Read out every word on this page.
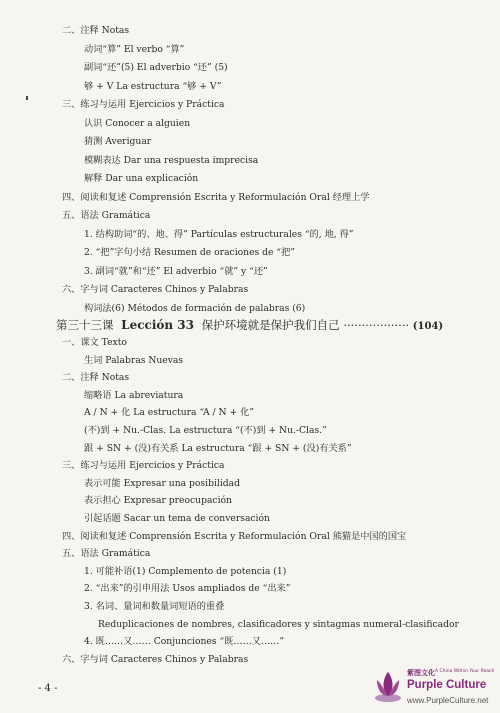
二、注释 Notas
动词“算” El verbo “算”
副词“还”(5) El adverbio “还” (5)
够 + V La estructura “够 + V”
三、练习与运用 Ejercicios y Práctica
认识 Conocer a alguien
猜测 Averiguar
模糊表达 Dar una respuesta imprecisa
解释 Dar una explicación
四、阅读和复述 Comprensión Escrita y Reformulación Oral 经理上学
五、语法 Gramática
1. 结构助词“的、地、得” Partículas estructurales “的, 地, 得”
2. “把”字句小结 Resumen de oraciones de “把”
3. 副词“就”和“还” El adverbio “就” y “还”
六、字与词 Caracteres Chinos y Palabras
构词法(6) Métodos de formación de palabras (6)
第三十三课 Lección 33 保护环境就是保护我们自己 ·················· (104)
一、课文 Texto
生词 Palabras Nuevas
二、注释 Notas
缩略语 La abreviatura
A / N + 化 La estructura “A / N + 化”
(不)到 + Nu.-Clas. La estructura “(不)到 + Nu.-Clas.”
跟 + SN + (没)有关系 La estructura “跟 + SN + (没)有关系”
三、练习与运用 Ejercicios y Práctica
表示可能 Expresar una posibilidad
表示担心 Expresar preocupación
引起话题 Sacar un tema de conversación
四、阅读和复述 Comprensión Escrita y Reformulación Oral 熊猫是中国的国宝
五、语法 Gramática
1. 可能补语(1) Complemento de potencia (1)
2. “出来”的引申用法 Usos ampliados de “出来”
3. 名词、量词和数量词短语的重叠
Reduplicaciones de nombres, clasificadores y sintagmas numeral-clasificador
4. 既……又…… Conjunciones “既……又……”
六、字与词 Caracteres Chinos y Palabras
- 4 -
紫图文化 A China Within Your Reach
Purple Culture
www.PurpleCulture.net
